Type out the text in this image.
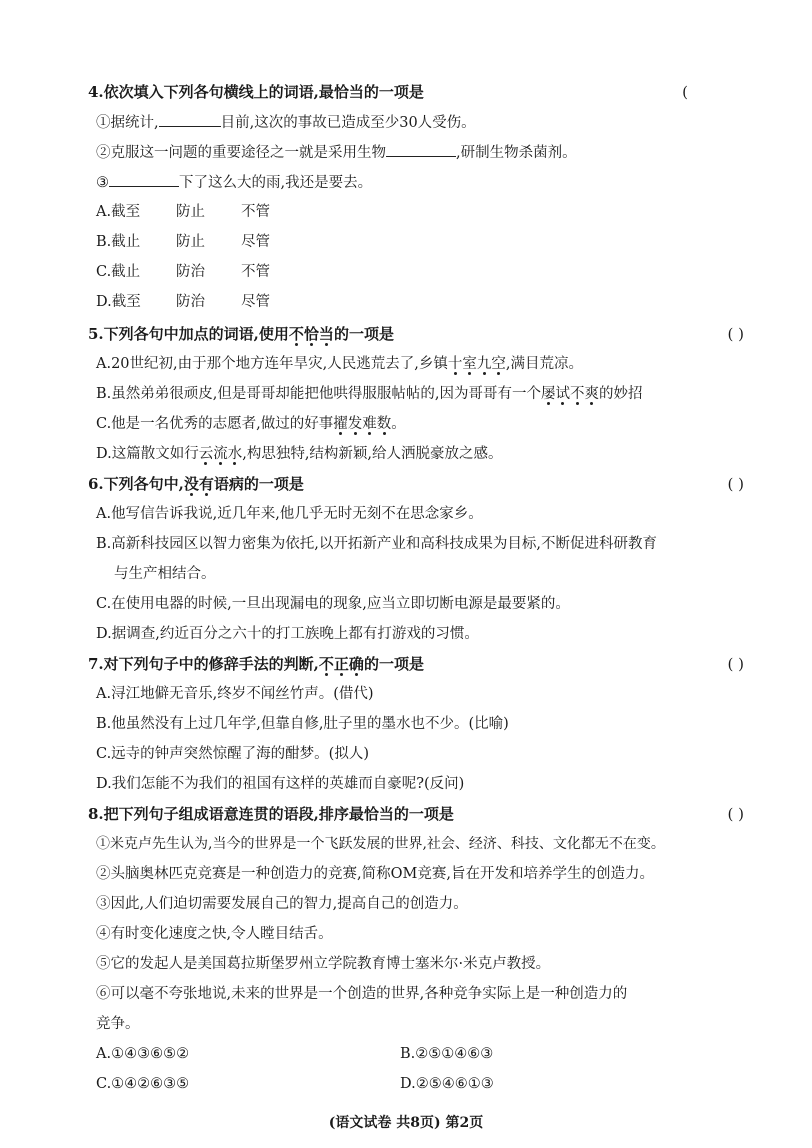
4.依次填入下列各句横线上的词语,最恰当的一项是	(
①据统计,	目前,这次的事故已造成至少30人受伤。
②克服这一问题的重要途径之一就是采用生物	,研制生物杀菌剂。
③	下了这么大的雨,我还是要去。
A.截至 防止 不管
B.截止 防止 尽管
C.截止 防治 不管
D.截至 防治 尽管
5.下列各句中加点的词语,使用不恰当的一项是	( )
A.20世纪初,由于那个地方连年旱灾,人民逃荒去了,乡镇十室九空,满目荒凉。
B.虽然弟弟很顽皮,但是哥哥却能把他哄得服服帖帖的,因为哥哥有一个屡试不爽的妙招
C.他是一名优秀的志愿者,做过的好事擢发难数。
D.这篇散文如行云流水,构思独特,结构新颖,给人洒脱豪放之感。
6.下列各句中,没有语病的一项是	( )
A.他写信告诉我说,近几年来,他几乎无时无刻不在思念家乡。
B.高新科技园区以智力密集为依托,以开拓新产业和高科技成果为目标,不断促进科研教育
与生产相结合。
C.在使用电器的时候,一旦出现漏电的现象,应当立即切断电源是最要紧的。
D.据调查,约近百分之六十的打工族晚上都有打游戏的习惯。
7.对下列句子中的修辞手法的判断,不正确的一项是	( )
A.浔江地僻无音乐,终岁不闻丝竹声。(借代)
B.他虽然没有上过几年学,但靠自修,肚子里的墨水也不少。(比喻)
C.远寺的钟声突然惊醒了海的酣梦。(拟人)
D.我们怎能不为我们的祖国有这样的英雄而自豪呢?(反问)
8.把下列句子组成语意连贯的语段,排序最恰当的一项是	( )
①米克卢先生认为,当今的世界是一个飞跃发展的世界,社会、经济、科技、文化都无不在变。
②头脑奥林匹克竞赛是一种创造力的竞赛,简称OM竞赛,旨在开发和培养学生的创造力。
③因此,人们迫切需要发展自己的智力,提高自己的创造力。
④有时变化速度之快,令人瞠目结舌。
⑤它的发起人是美国葛拉斯堡罗州立学院教育博士塞米尔·米克卢教授。
⑥可以毫不夸张地说,未来的世界是一个创造的世界,各种竞争实际上是一种创造力的
竞争。
A.①④③⑥⑤②	B.②⑤①④⑥③
C.①④②⑥③⑤	D.②⑤④⑥①③
(语文试卷 共8页) 第2页
